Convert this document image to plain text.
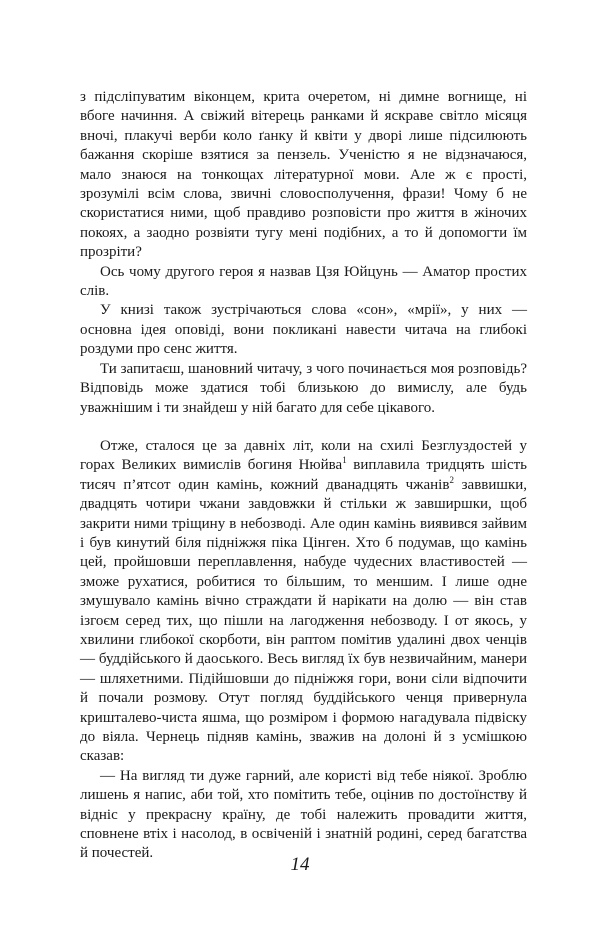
з підсліпуватим віконцем, крита очеретом, ні димне вогнище, ні вбоге начиння. А свіжий вітерець ранками й яскраве світло місяця вночі, плакучі верби коло ґанку й квіти у дворі лише підсилюють бажання скоріше взятися за пензель. Ученістю я не відзначаюся, мало знаюся на тонкощах літературної мови. Але ж є прості, зрозумілі всім слова, звичні словосполучення, фрази! Чому б не скористатися ними, щоб правдиво розповісти про життя в жіночих покоях, а заодно розвіяти тугу мені подібних, а то й допомогти їм прозріти?

Ось чому другого героя я назвав Цзя Юйцунь — Аматор простих слів.

У книзі також зустрічаються слова «сон», «мрії», у них — основна ідея оповіді, вони покликані навести читача на глибокі роздуми про сенс життя.

Ти запитаєш, шановний читачу, з чого починається моя розповідь? Відповідь може здатися тобі близькою до вимислу, але будь уважнішим і ти знайдеш у ній багато для себе цікавого.

Отже, сталося це за давніх літ, коли на схилі Безглуздостей у горах Великих вимислів богиня Нюйва$^1$ виплавила тридцять шість тисяч п’ятсот один камінь, кожний дванадцять чжанів$^2$ заввишки, двадцять чотири чжани завдовжки й стільки ж завширшки, щоб закрити ними тріщину в небозводі. Але один камінь виявився зайвим і був кинутий біля підніжжя піка Цінген. Хто б подумав, що камінь цей, пройшовши переплавлення, набуде чудесних властивостей — зможе рухатися, робитися то більшим, то меншим. І лише одне змушувало камінь вічно страждати й нарікати на долю — він став ізгоєм серед тих, що пішли на лагодження небозводу. І от якось, у хвилини глибокої скорботи, він раптом помітив удалині двох ченців — буддійського й даоського. Весь вигляд їх був незвичайним, манери — шляхетними. Підійшовши до підніжжя гори, вони сіли відпочити й почали розмову. Отут погляд буддійського ченця привернула кришталево-чиста яшма, що розміром і формою нагадувала підвіску до віяла. Чернець підняв камінь, зважив на долоні й з усмішкою сказав:

— На вигляд ти дуже гарний, але користі від тебе ніякої. Зроблю лишень я напис, аби той, хто помітить тебе, оцінив по достоїнству й відніс у прекрасну країну, де тобі належить провадити життя, сповнене втіх і насолод, в освіченій і знатній родині, серед багатства й почестей.

14
